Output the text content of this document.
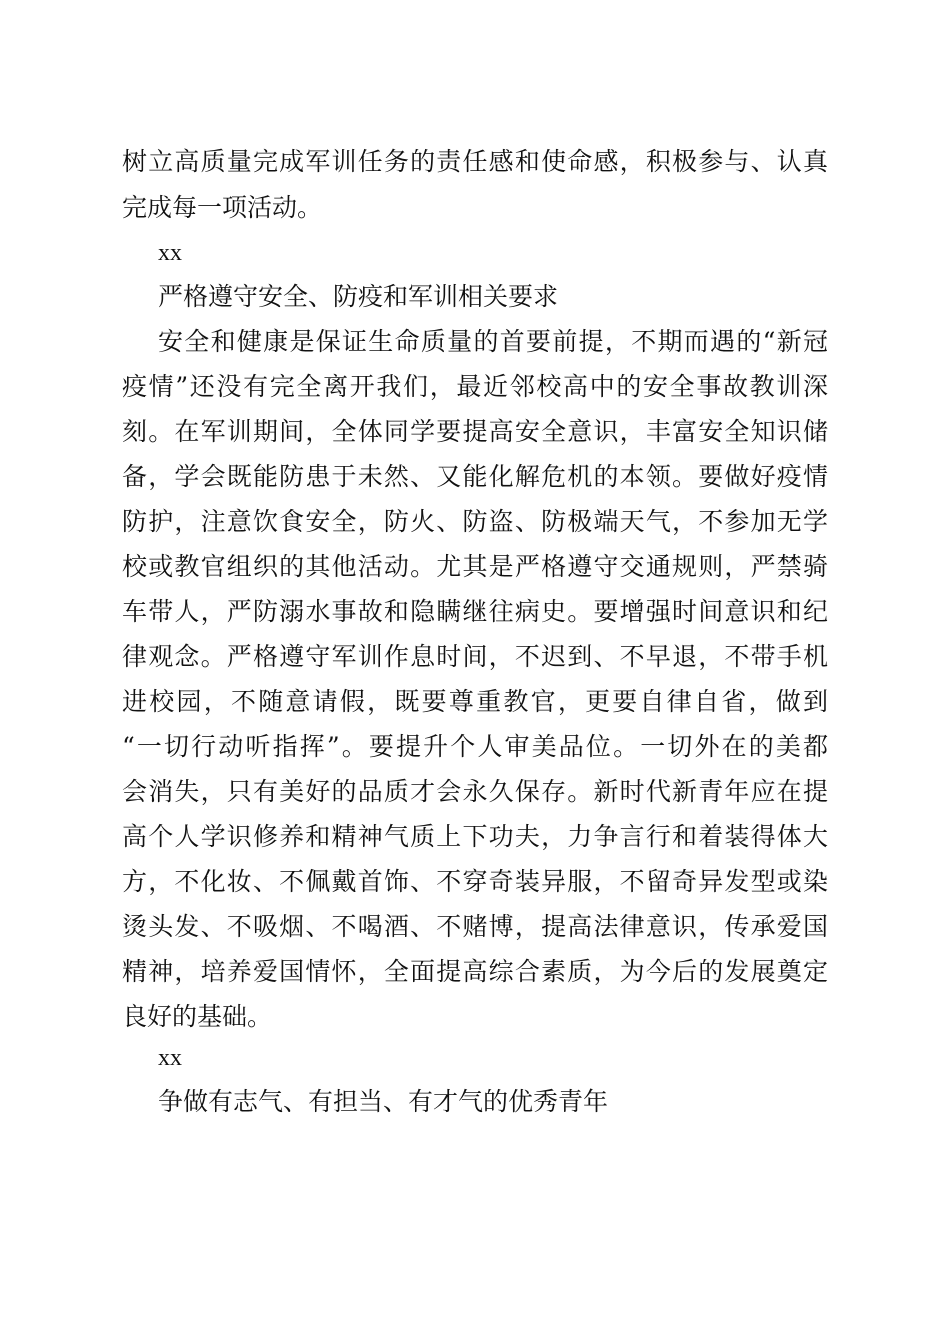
树立高质量完成军训任务的责任感和使命感，积极参与、认真
完成每一项活动。
xx
严格遵守安全、防疫和军训相关要求
安全和健康是保证生命质量的首要前提，不期而遇的“新冠
疫情”还没有完全离开我们，最近邻校高中的安全事故教训深
刻。在军训期间，全体同学要提高安全意识，丰富安全知识储
备，学会既能防患于未然、又能化解危机的本领。要做好疫情
防护，注意饮食安全，防火、防盗、防极端天气，不参加无学
校或教官组织的其他活动。尤其是严格遵守交通规则，严禁骑
车带人，严防溺水事故和隐瞒继往病史。要增强时间意识和纪
律观念。严格遵守军训作息时间，不迟到、不早退，不带手机
进校园，不随意请假，既要尊重教官，更要自律自省，做到
“一切行动听指挥”。要提升个人审美品位。一切外在的美都
会消失，只有美好的品质才会永久保存。新时代新青年应在提
高个人学识修养和精神气质上下功夫，力争言行和着装得体大
方，不化妆、不佩戴首饰、不穿奇装异服，不留奇异发型或染
烫头发、不吸烟、不喝酒、不赌博，提高法律意识，传承爱国
精神，培养爱国情怀，全面提高综合素质，为今后的发展奠定
良好的基础。
xx
争做有志气、有担当、有才气的优秀青年
